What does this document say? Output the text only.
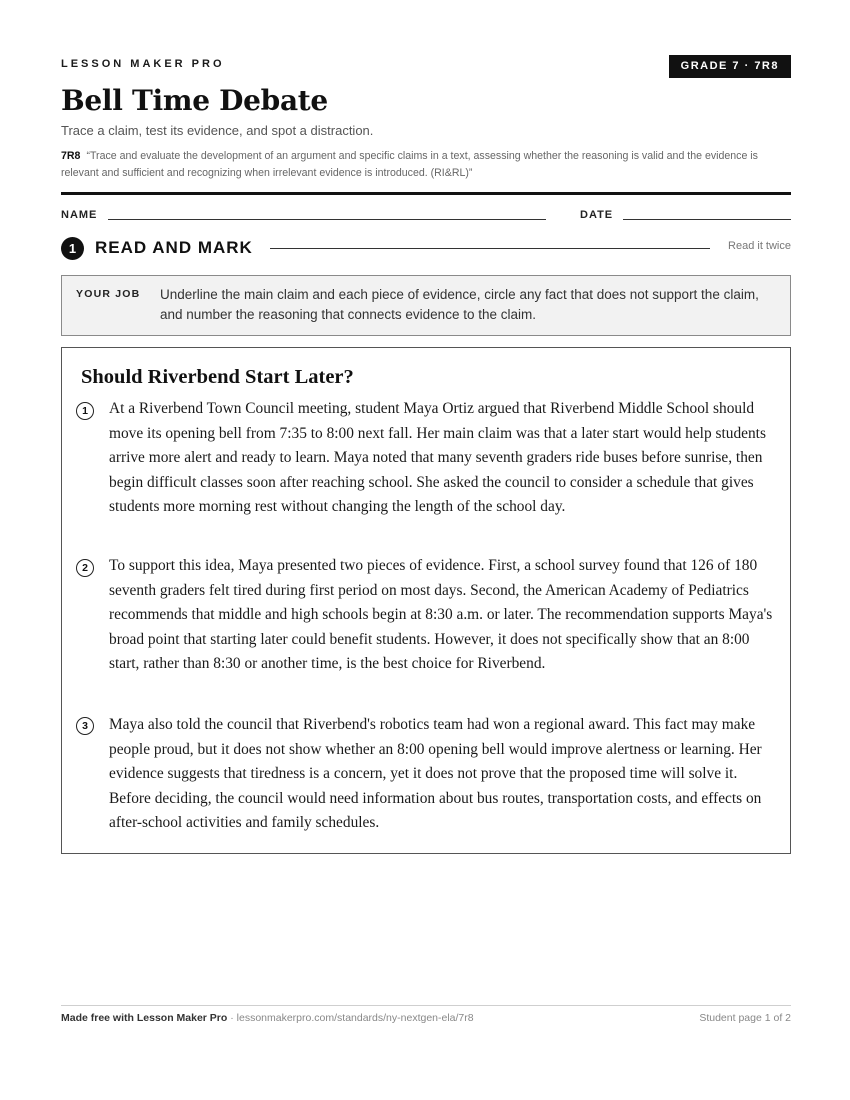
LESSON MAKER PRO	GRADE 7 · 7R8
Bell Time Debate
Trace a claim, test its evidence, and spot a distraction.
7R8 “Trace and evaluate the development of an argument and specific claims in a text, assessing whether the reasoning is valid and the evidence is relevant and sufficient and recognizing when irrelevant evidence is introduced. (RI&RL)”
NAME	DATE
1	READ AND MARK	Read it twice
YOUR JOB Underline the main claim and each piece of evidence, circle any fact that does not support the claim, and number the reasoning that connects evidence to the claim.
Should Riverbend Start Later?
1	At a Riverbend Town Council meeting, student Maya Ortiz argued that Riverbend Middle School should move its opening bell from 7:35 to 8:00 next fall. Her main claim was that a later start would help students arrive more alert and ready to learn. Maya noted that many seventh graders ride buses before sunrise, then begin difficult classes soon after reaching school. She asked the council to consider a schedule that gives students more morning rest without changing the length of the school day.
2	To support this idea, Maya presented two pieces of evidence. First, a school survey found that 126 of 180 seventh graders felt tired during first period on most days. Second, the American Academy of Pediatrics recommends that middle and high schools begin at 8:30 a.m. or later. The recommendation supports Maya's broad point that starting later could benefit students. However, it does not specifically show that an 8:00 start, rather than 8:30 or another time, is the best choice for Riverbend.
3	Maya also told the council that Riverbend's robotics team had won a regional award. This fact may make people proud, but it does not show whether an 8:00 opening bell would improve alertness or learning. Her evidence suggests that tiredness is a concern, yet it does not prove that the proposed time will solve it. Before deciding, the council would need information about bus routes, transportation costs, and effects on after-school activities and family schedules.
Made free with Lesson Maker Pro · lessonmakerpro.com/standards/ny-nextgen-ela/7r8	Student page 1 of 2
